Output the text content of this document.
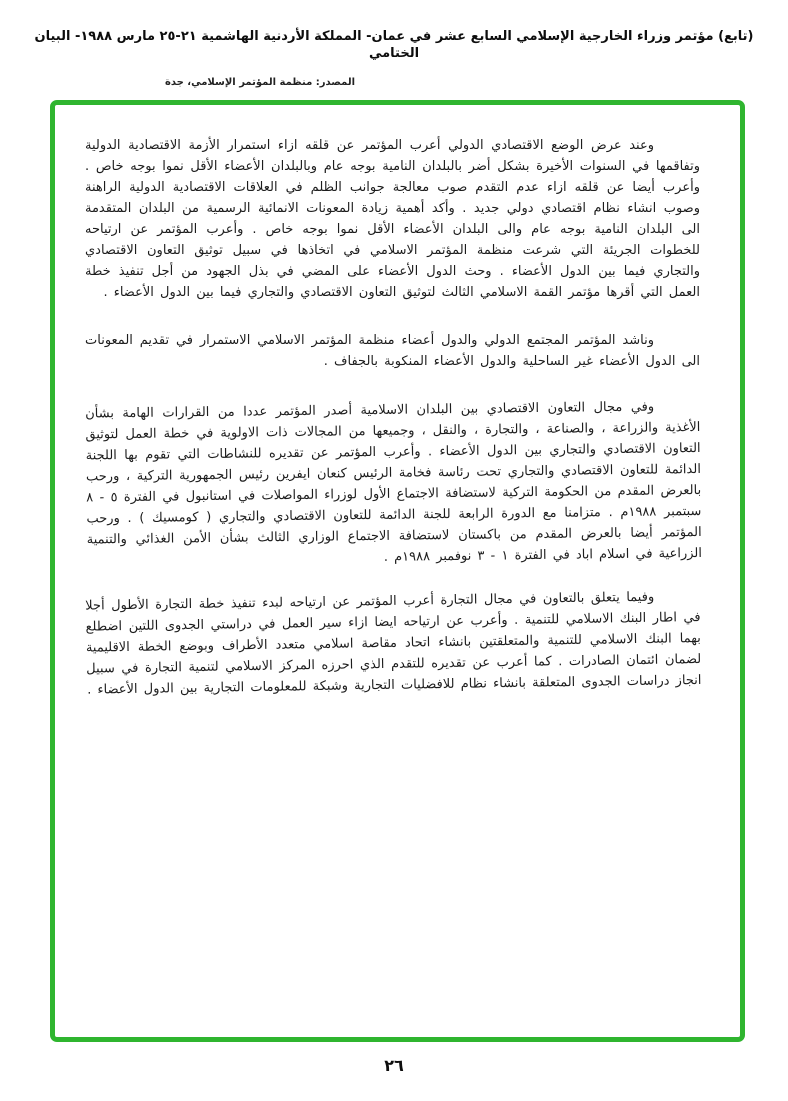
(تابع) مؤتمر وزراء الخارجية الإسلامي السابع عشر في عمان- المملكة الأردنية الهاشمية ٢١-٢٥ مارس ١٩٨٨- البيان الختامي
المصدر: منظمة المؤتمر الإسلامي، جدة

وعند عرض الوضع الاقتصادي الدولي أعرب المؤتمر عن قلقه ازاء استمرار الأزمة الاقتصادية الدولية وتفاقمها في السنوات الأخيرة بشكل أضر بالبلدان النامية بوجه عام وبالبلدان الأعضاء الأقل نموا بوجه خاص . وأعرب أيضا عن قلقه ازاء عدم التقدم صوب معالجة جوانب الظلم في العلاقات الاقتصادية الدولية الراهنة وصوب انشاء نظام اقتصادي دولي جديد . وأكد أهمية زيادة المعونات الانمائية الرسمية من البلدان المتقدمة الى البلدان النامية بوجه عام والى البلدان الأعضاء الأقل نموا بوجه خاص . وأعرب المؤتمر عن ارتياحه للخطوات الجريئة التي شرعت منظمة المؤتمر الاسلامي في اتخاذها في سبيل توثيق التعاون الاقتصادي والتجاري فيما بين الدول الأعضاء . وحث الدول الأعضاء على المضي في بذل الجهود من أجل تنفيذ خطة العمل التي أقرها مؤتمر القمة الاسلامي الثالث لتوثيق التعاون الاقتصادي والتجاري فيما بين الدول الأعضاء .

وناشد المؤتمر المجتمع الدولي والدول أعضاء منظمة المؤتمر الاسلامي الاستمرار في تقديم المعونات الى الدول الأعضاء غير الساحلية والدول الأعضاء المنكوبة بالجفاف .

وفي مجال التعاون الاقتصادي بين البلدان الاسلامية أصدر المؤتمر عددا من القرارات الهامة بشأن الأغذية والزراعة ، والصناعة ، والتجارة ، والنقل ، وجميعها من المجالات ذات الاولوية في خطة العمل لتوثيق التعاون الاقتصادي والتجاري بين الدول الأعضاء . وأعرب المؤتمر عن تقديره للنشاطات التي تقوم بها اللجنة الدائمة للتعاون الاقتصادي والتجاري تحت رئاسة فخامة الرئيس كنعان ايفرين رئيس الجمهورية التركية ، ورحب بالعرض المقدم من الحكومة التركية لاستضافة الاجتماع الأول لوزراء المواصلات في استانبول في الفترة ٥ - ٨ سبتمبر ١٩٨٨م . متزامنا مع الدورة الرابعة للجنة الدائمة للتعاون الاقتصادي والتجاري ( كومسيك ) . ورحب المؤتمر أيضا بالعرض المقدم من باكستان لاستضافة الاجتماع الوزاري الثالث بشأن الأمن الغذائي والتنمية الزراعية في اسلام اباد في الفترة ١ - ٣ نوفمبر ١٩٨٨م .

وفيما يتعلق بالتعاون في مجال التجارة أعرب المؤتمر عن ارتياحه لبدء تنفيذ خطة التجارة الأطول أجلا في اطار البنك الاسلامي للتنمية . وأعرب عن ارتياحه ايضا ازاء سير العمل في دراستي الجدوى اللتين اضطلع بهما البنك الاسلامي للتنمية والمتعلقتين بانشاء اتحاد مقاصة اسلامي متعدد الأطراف وبوضع الخطة الاقليمية لضمان ائتمان الصادرات . كما أعرب عن تقديره للتقدم الذي احرزه المركز الاسلامي لتنمية التجارة في سبيل انجاز دراسات الجدوى المتعلقة بانشاء نظام للافضليات التجارية وشبكة للمعلومات التجارية بين الدول الأعضاء .

٢٦
